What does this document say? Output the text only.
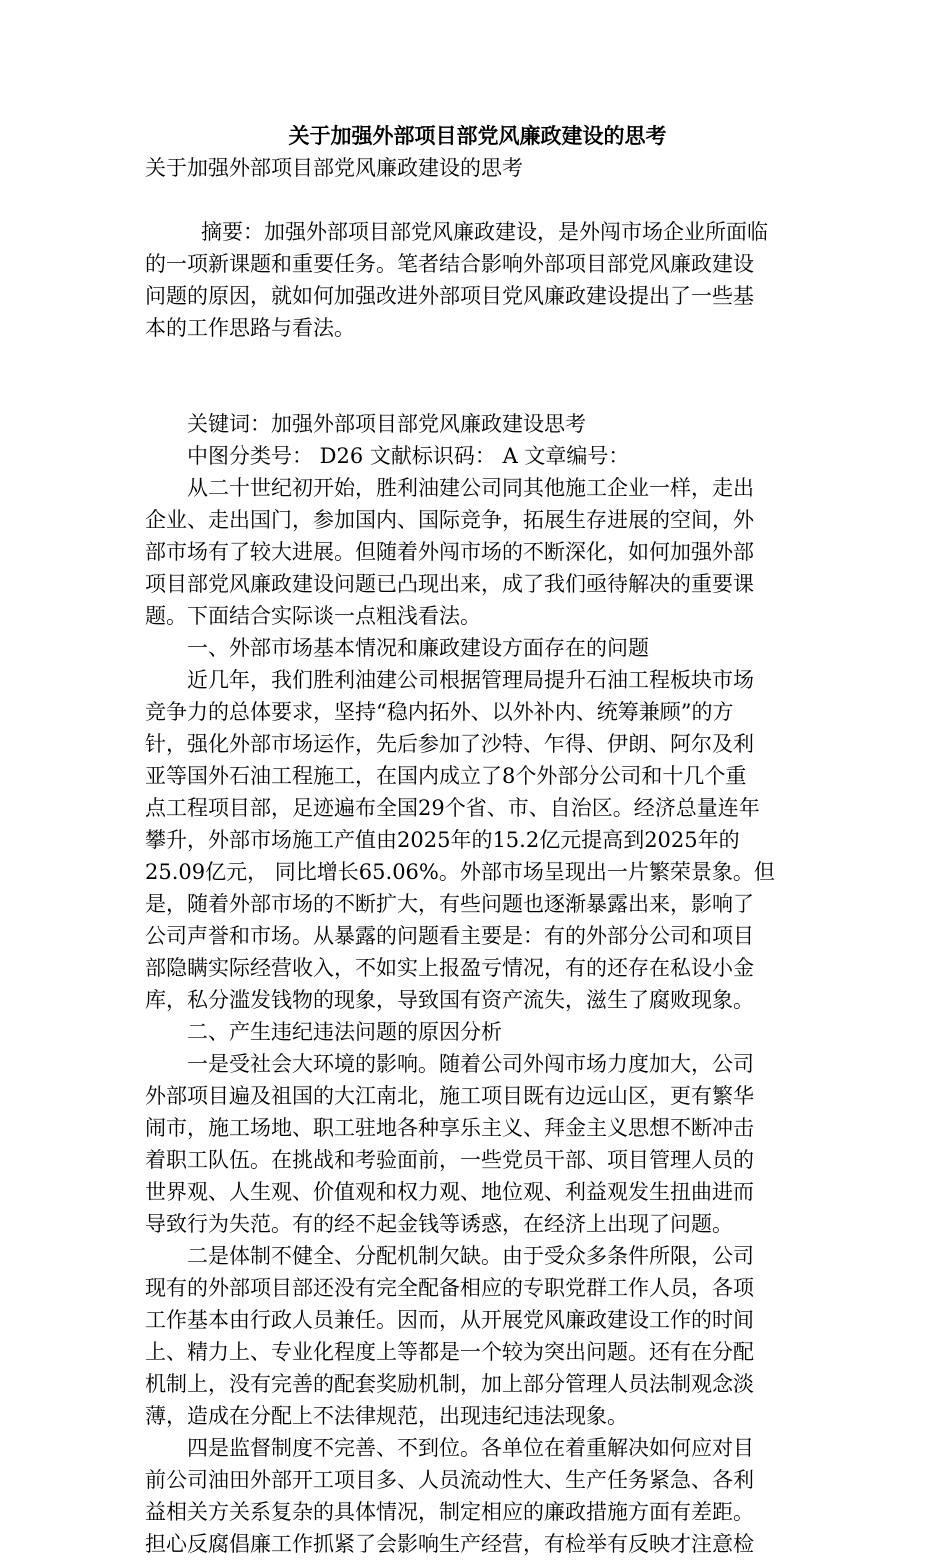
关于加强外部项目部党风廉政建设的思考

关于加强外部项目部党风廉政建设的思考

摘要：加强外部项目部党风廉政建设，是外闯市场企业所面临

的一项新课题和重要任务。笔者结合影响外部项目部党风廉政建设

问题的原因，就如何加强改进外部项目党风廉政建设提出了一些基

本的工作思路与看法。

关键词：加强外部项目部党风廉政建设思考

中图分类号： D26 文献标识码： A 文章编号：

从二十世纪初开始，胜利油建公司同其他施工企业一样，走出

企业、走出国门，参加国内、国际竞争，拓展生存进展的空间，外

部市场有了较大进展。但随着外闯市场的不断深化，如何加强外部

项目部党风廉政建设问题已凸现出来，成了我们亟待解决的重要课

题。下面结合实际谈一点粗浅看法。

一、外部市场基本情况和廉政建设方面存在的问题

近几年，我们胜利油建公司根据管理局提升石油工程板块市场

竞争力的总体要求，坚持“稳内拓外、以外补内、统筹兼顾”的方

针，强化外部市场运作，先后参加了沙特、乍得、伊朗、阿尔及利

亚等国外石油工程施工，在国内成立了8个外部分公司和十几个重

点工程项目部，足迹遍布全国29个省、市、自治区。经济总量连年

攀升，外部市场施工产值由2025年的15.2亿元提高到2025年的

25.09亿元， 同比增长65.06%。外部市场呈现出一片繁荣景象。但

是，随着外部市场的不断扩大，有些问题也逐渐暴露出来，影响了

公司声誉和市场。从暴露的问题看主要是：有的外部分公司和项目

部隐瞒实际经营收入，不如实上报盈亏情况，有的还存在私设小金

库，私分滥发钱物的现象，导致国有资产流失，滋生了腐败现象。

二、产生违纪违法问题的原因分析

一是受社会大环境的影响。随着公司外闯市场力度加大，公司

外部项目遍及祖国的大江南北，施工项目既有边远山区，更有繁华

闹市，施工场地、职工驻地各种享乐主义、拜金主义思想不断冲击

着职工队伍。在挑战和考验面前，一些党员干部、项目管理人员的

世界观、人生观、价值观和权力观、地位观、利益观发生扭曲进而

导致行为失范。有的经不起金钱等诱惑，在经济上出现了问题。

二是体制不健全、分配机制欠缺。由于受众多条件所限，公司

现有的外部项目部还没有完全配备相应的专职党群工作人员，各项

工作基本由行政人员兼任。因而，从开展党风廉政建设工作的时间

上、精力上、专业化程度上等都是一个较为突出问题。还有在分配

机制上，没有完善的配套奖励机制，加上部分管理人员法制观念淡

薄，造成在分配上不法律规范，出现违纪违法现象。

四是监督制度不完善、不到位。各单位在着重解决如何应对目

前公司油田外部开工项目多、人员流动性大、生产任务紧急、各利

益相关方关系复杂的具体情况，制定相应的廉政措施方面有差距。

担心反腐倡廉工作抓紧了会影响生产经营，有检举有反映才注意检
